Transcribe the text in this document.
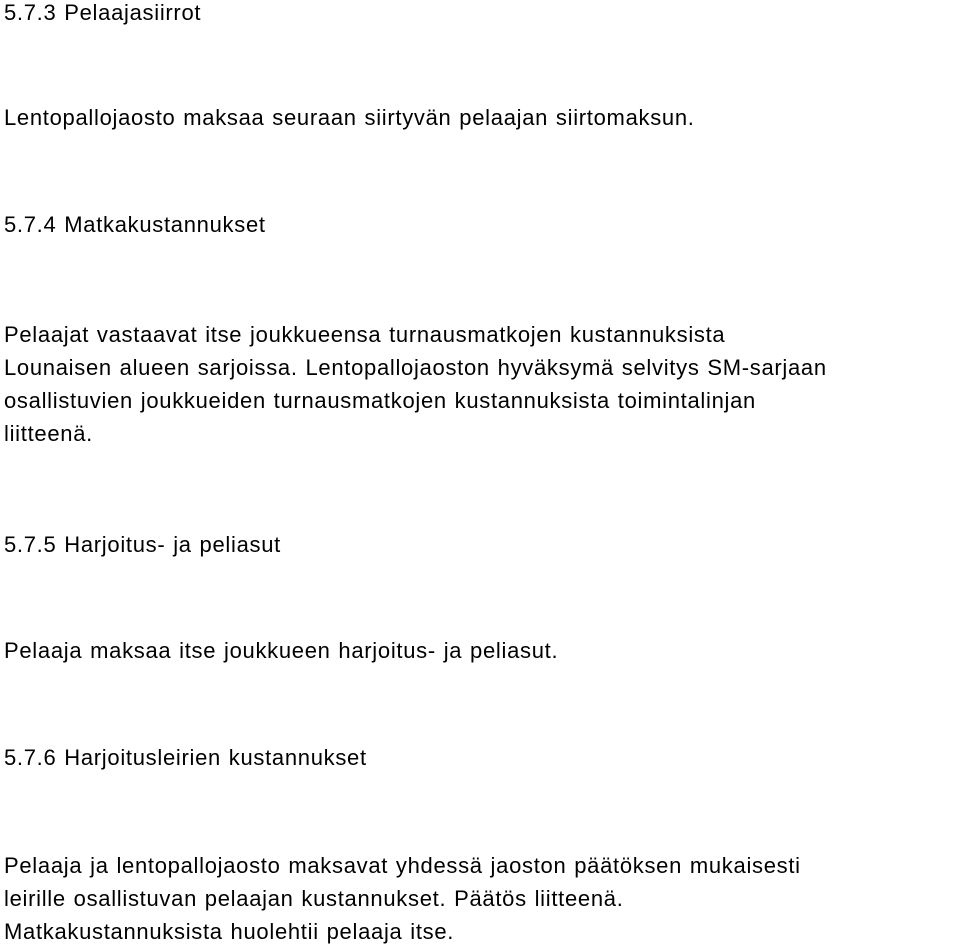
5.7.3 Pelaajasiirrot
Lentopallojaosto maksaa seuraan siirtyvän pelaajan siirtomaksun.
5.7.4 Matkakustannukset
Pelaajat vastaavat itse joukkueensa turnausmatkojen kustannuksista
Lounaisen alueen sarjoissa. Lentopallojaoston hyväksymä selvitys SM-sarjaan
osallistuvien joukkueiden turnausmatkojen kustannuksista toimintalinjan
liitteenä.
5.7.5 Harjoitus- ja peliasut
Pelaaja maksaa itse joukkueen harjoitus- ja peliasut.
5.7.6 Harjoitusleirien kustannukset
Pelaaja ja lentopallojaosto maksavat yhdessä jaoston päätöksen mukaisesti
leirille osallistuvan pelaajan kustannukset. Päätös liitteenä.
Matkakustannuksista huolehtii pelaaja itse.
